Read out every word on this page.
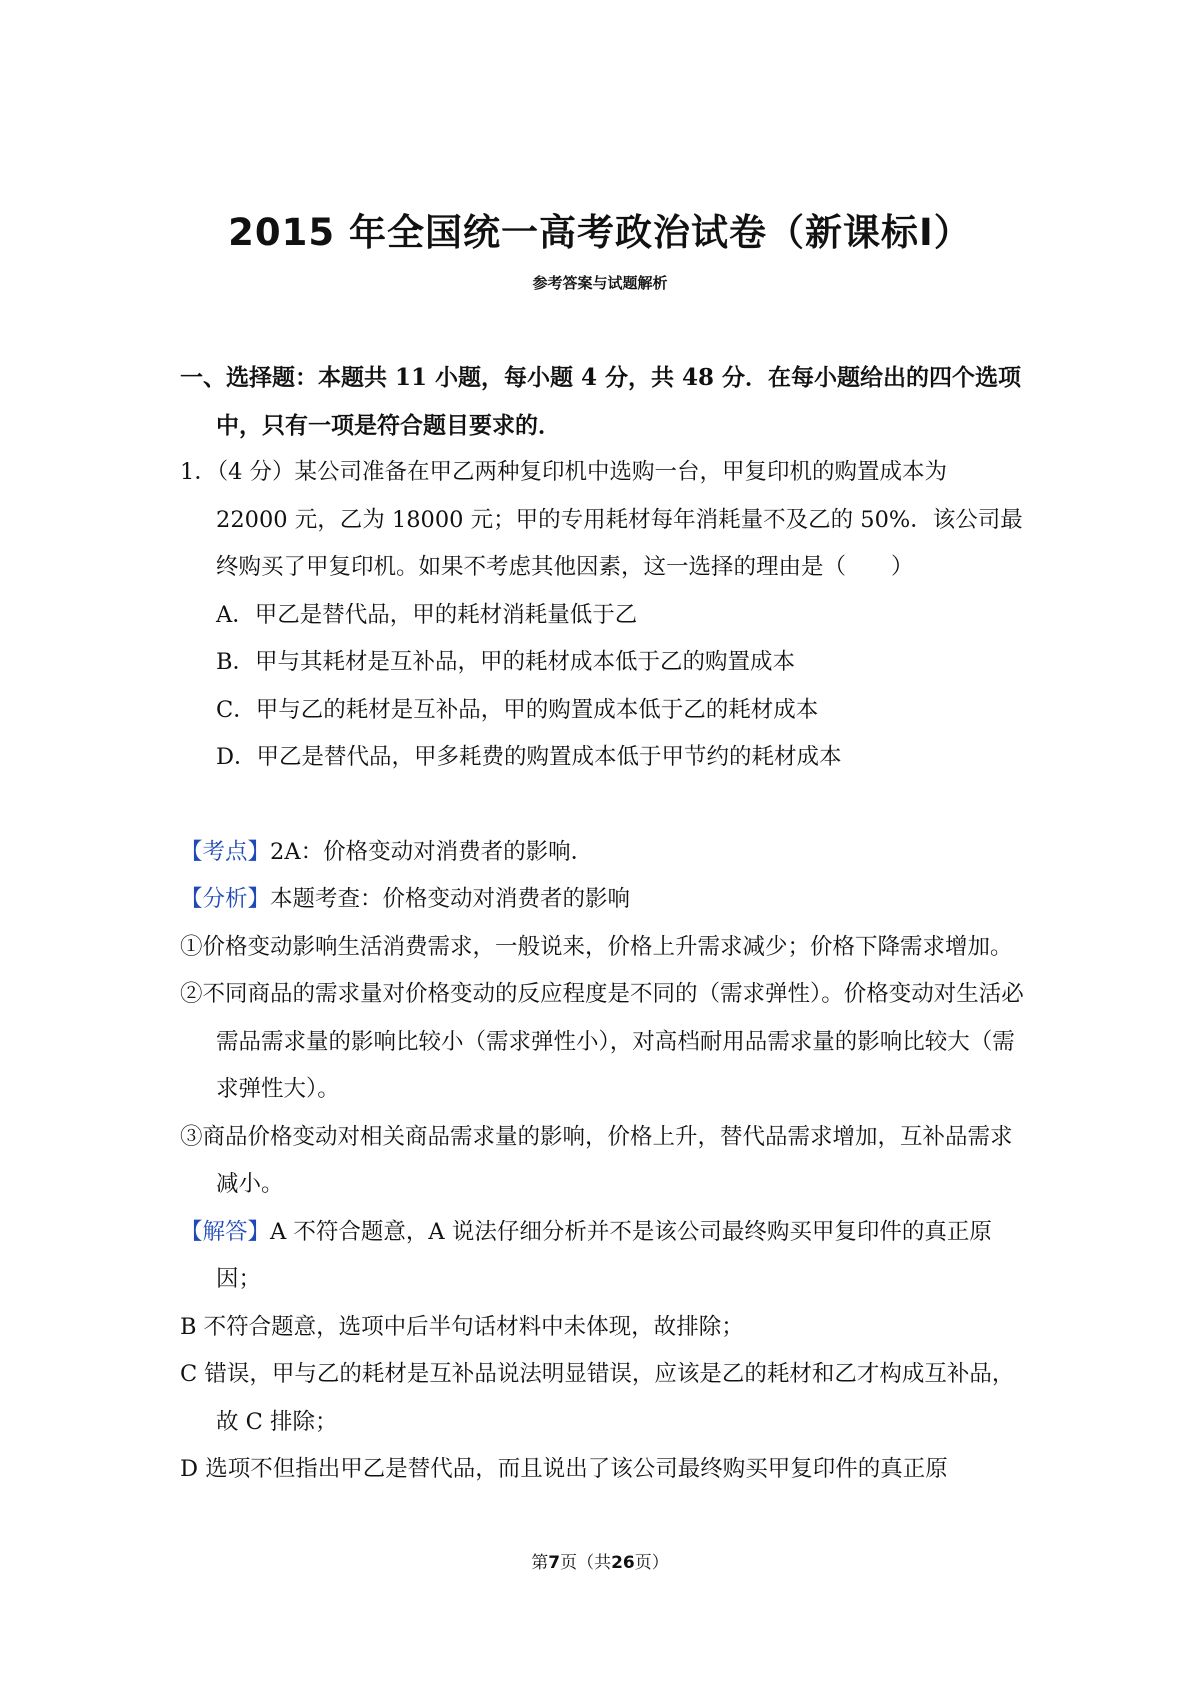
2015 年全国统一高考政治试卷（新课标Ⅰ）
参考答案与试题解析

一、选择题：本题共 11 小题，每小题 4 分，共 48 分．在每小题给出的四个选项中，只有一项是符合题目要求的．

1．（4 分）某公司准备在甲乙两种复印机中选购一台，甲复印机的购置成本为 22000 元，乙为 18000 元；甲的专用耗材每年消耗量不及乙的 50%．该公司最终购买了甲复印机。如果不考虑其他因素，这一选择的理由是（　　）

A．甲乙是替代品，甲的耗材消耗量低于乙

B．甲与其耗材是互补品，甲的耗材成本低于乙的购置成本

C．甲与乙的耗材是互补品，甲的购置成本低于乙的耗材成本

D．甲乙是替代品，甲多耗费的购置成本低于甲节约的耗材成本

【考点】2A：价格变动对消费者的影响．

【分析】本题考查：价格变动对消费者的影响

①价格变动影响生活消费需求，一般说来，价格上升需求减少；价格下降需求增加。

②不同商品的需求量对价格变动的反应程度是不同的（需求弹性）。价格变动对生活必需品需求量的影响比较小（需求弹性小），对高档耐用品需求量的影响比较大（需求弹性大）。

③商品价格变动对相关商品需求量的影响，价格上升，替代品需求增加，互补品需求减小。

【解答】A 不符合题意，A 说法仔细分析并不是该公司最终购买甲复印件的真正原因；

B 不符合题意，选项中后半句话材料中未体现，故排除；

C 错误，甲与乙的耗材是互补品说法明显错误，应该是乙的耗材和乙才构成互补品，故 C 排除；

D 选项不但指出甲乙是替代品，而且说出了该公司最终购买甲复印件的真正原

第7页（共26页）
